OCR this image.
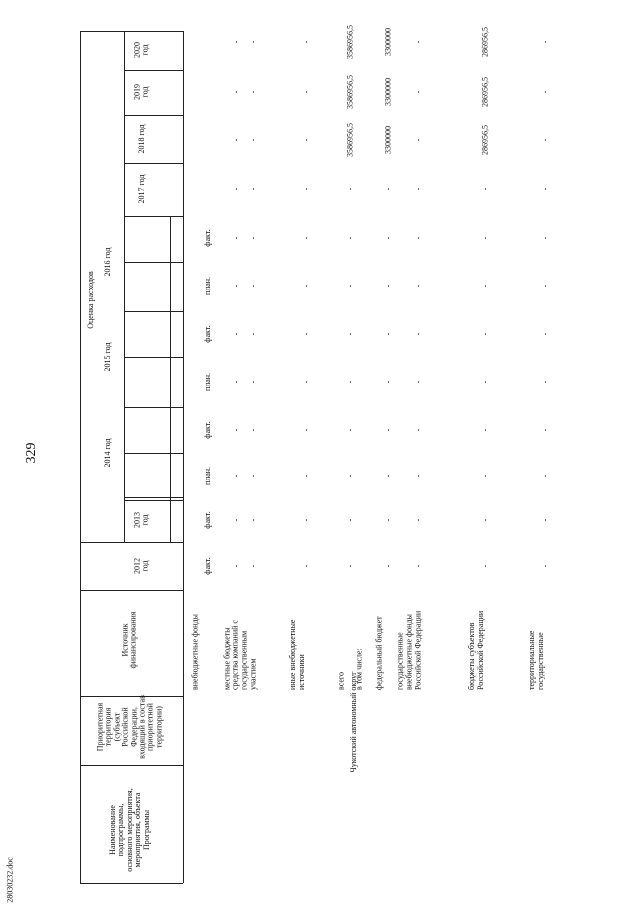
329
28030232.doc
Оценка расходов
2020
год
2019
год
2018 год
2017 год
2016 год
2015 год
2014 год
2013
год
2012
год
факт.
план.
факт.
план.
факт.
план.
факт.
факт.
Источник
финансирования
Приоритетная
территория
(субъект
Российской
Федерации,
входящий в состав
приоритетной
территории)
Наименование
подпрограммы,
основного мероприятия,
мероприятия, объекта
Программы
внебюджетные фонды	местные бюджеты
-
-
-
-
-
-
-
-
-
-
-
-
средства компаний с государственным участием
-
-
-
-
-
-
-
-
-
-
-
-
иные внебюджетные источники
-
-
-
-
-
-
-
-
-
-
-
-
всего
-
-
-
-
-
-
-
-
-
3586956,5
3586956,5
3586956,5
в том числе: федеральный бюджет
-
-
-
-
-
-
-
-
-
3300000
3300000
3300000
государственные внебюджетные фонды Российской Федерации
-
-
-
-
-
-
-
-
-
-
-
-
бюджеты субъектов Российской Федерации
-
-
-
-
-
-
-
-
-
286956,5
286956,5
286956,5
территориальные государственные
-
-
-
-
-
-
-
-
-
-
-
-
Чукотский автономный округ
